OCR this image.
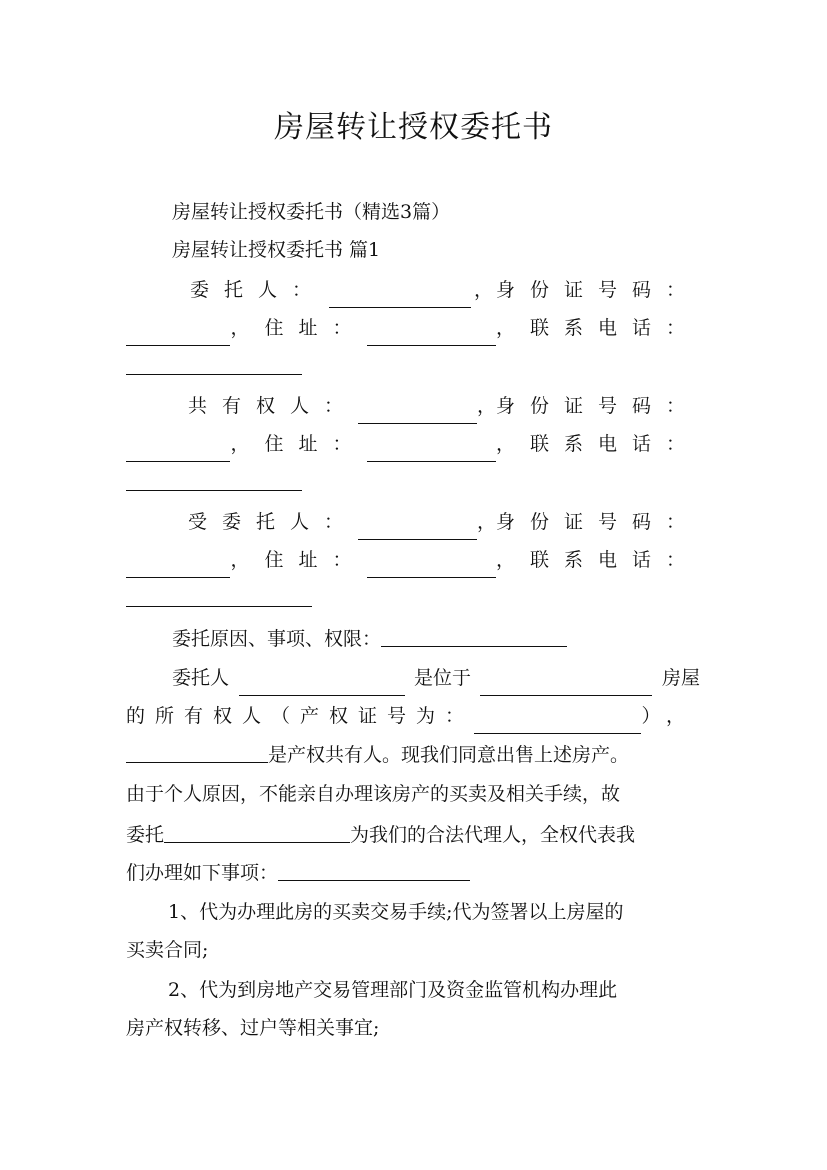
房屋转让授权委托书
房屋转让授权委托书（精选3篇）
房屋转让授权委托书 篇1
委托人：	， 身份证号码：
，住址：	，联系电话：
共有权人：	， 身份证号码：
，住址：	，联系电话：
受委托人：	， 身份证号码：
，住址：	，联系电话：
委托原因、事项、权限：
委托人	是位于	房屋
的所有权人（产权证号为：	），
是产权共有人。现我们同意出售上述房产。
由于个人原因，不能亲自办理该房产的买卖及相关手续，故
委托	为我们的合法代理人，全权代表我
们办理如下事项：
1、代为办理此房的买卖交易手续;代为签署以上房屋的
买卖合同;
2、代为到房地产交易管理部门及资金监管机构办理此
房产权转移、过户等相关事宜;
